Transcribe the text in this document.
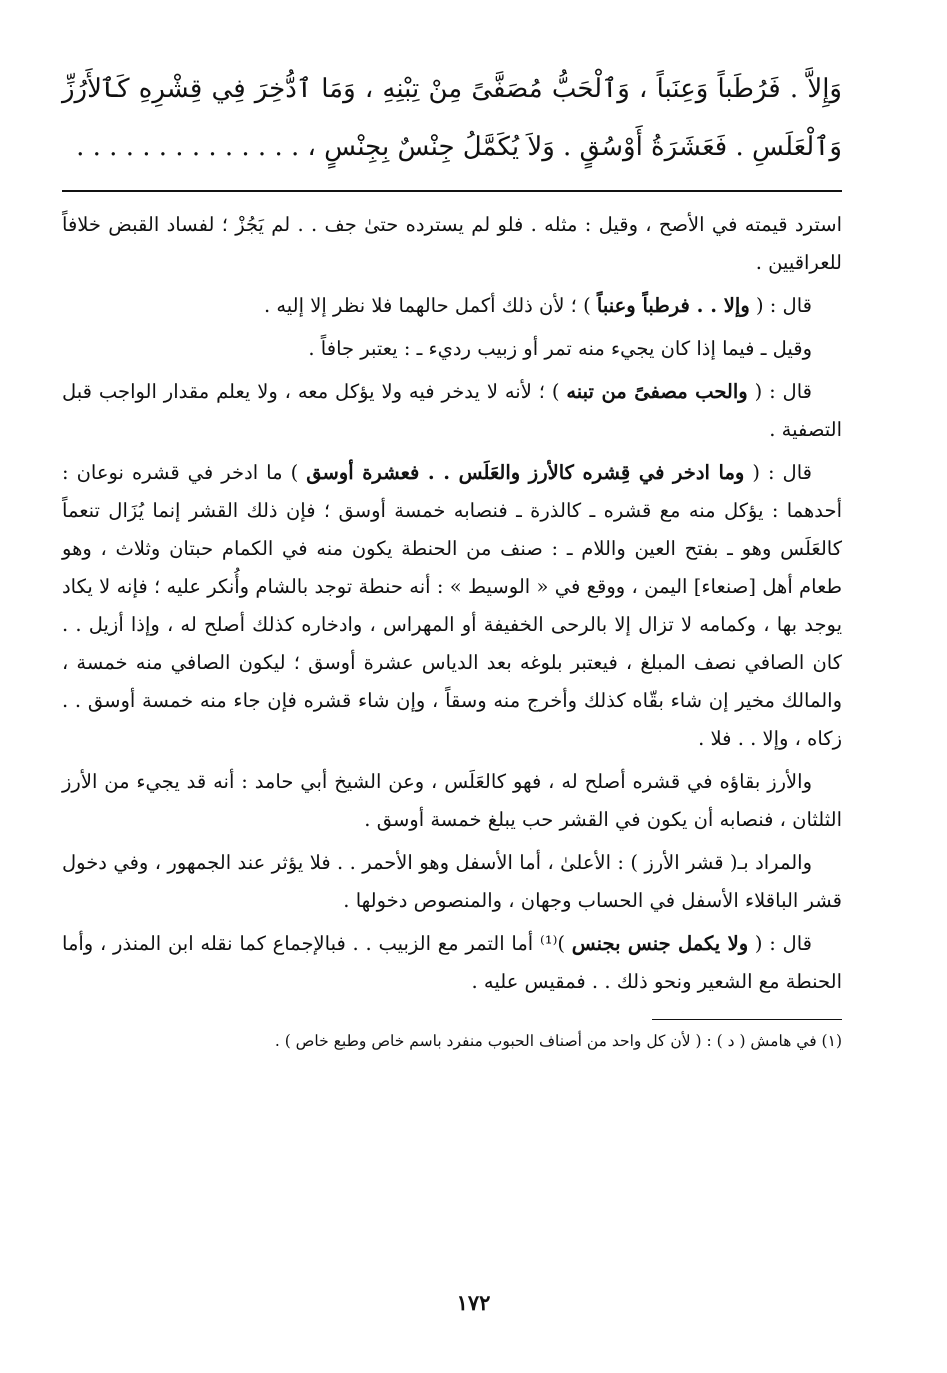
وَإِلاَّ . فَرُطَباً وَعِنَباً ، وَٱلْحَبُّ مُصَفَّىً مِنْ تِبْنِهِ ، وَمَا ٱدُّخِرَ فِي قِشْرِهِ كَٱلأَرُزِّ وَٱلْعَلَسِ . فَعَشَرَةُ أَوْسُقٍ . وَلاَ يُكَمَّلُ جِنْسٌ بِجِنْسٍ ، . . . . . . . . . . . . . .

استرد قيمته في الأصح ، وقيل : مثله . فلو لم يسترده حتىٰ جف . . لم يَجُزْ ؛ لفساد القبض خلافاً للعراقيين .

قال : ( وإلا . . فرطباً وعنباً ) ؛ لأن ذلك أكمل حالهما فلا نظر إلا إليه .

وقيل ـ فيما إذا كان يجيء منه تمر أو زبيب رديء ـ : يعتبر جافاً .

قال : ( والحب مصفىً من تبنه ) ؛ لأنه لا يدخر فيه ولا يؤكل معه ، ولا يعلم مقدار الواجب قبل التصفية .

قال : ( وما ادخر في قِشره كالأرز والعَلَس . . فعشرة أوسق ) ما ادخر في قشره نوعان : أحدهما : يؤكل منه مع قشره ـ كالذرة ـ فنصابه خمسة أوسق ؛ فإن ذلك القشر إنما يُزَال تنعماً كالعَلَس وهو ـ بفتح العين واللام ـ : صنف من الحنطة يكون منه في الكمام حبتان وثلاث ، وهو طعام أهل [صنعاء] اليمن ، ووقع في « الوسيط » : أنه حنطة توجد بالشام وأُنكر عليه ؛ فإنه لا يكاد يوجد بها ، وكمامه لا تزال إلا بالرحى الخفيفة أو المهراس ، وادخاره كذلك أصلح له ، وإذا أزيل . . كان الصافي نصف المبلغ ، فيعتبر بلوغه بعد الدياس عشرة أوسق ؛ ليكون الصافي منه خمسة ، والمالك مخير إن شاء بقّاه كذلك وأخرج منه وسقاً ، وإن شاء قشره فإن جاء منه خمسة أوسق . . زكاه ، وإلا . . فلا .

والأرز بقاؤه في قشره أصلح له ، فهو كالعَلَس ، وعن الشيخ أبي حامد : أنه قد يجيء من الأرز الثلثان ، فنصابه أن يكون في القشر حب يبلغ خمسة أوسق .

والمراد بـ( قشر الأرز ) : الأعلىٰ ، أما الأسفل وهو الأحمر . . فلا يؤثر عند الجمهور ، وفي دخول قشر الباقلاء الأسفل في الحساب وجهان ، والمنصوص دخولها .

قال : ( ولا يكمل جنس بجنس )⁽¹⁾ أما التمر مع الزبيب . . فبالإجماع كما نقله ابن المنذر ، وأما الحنطة مع الشعير ونحو ذلك . . فمقيس عليه .

(١) في هامش ( د ) : ( لأن كل واحد من أصناف الحبوب منفرد باسم خاص وطبع خاص ) .

١٧٢
